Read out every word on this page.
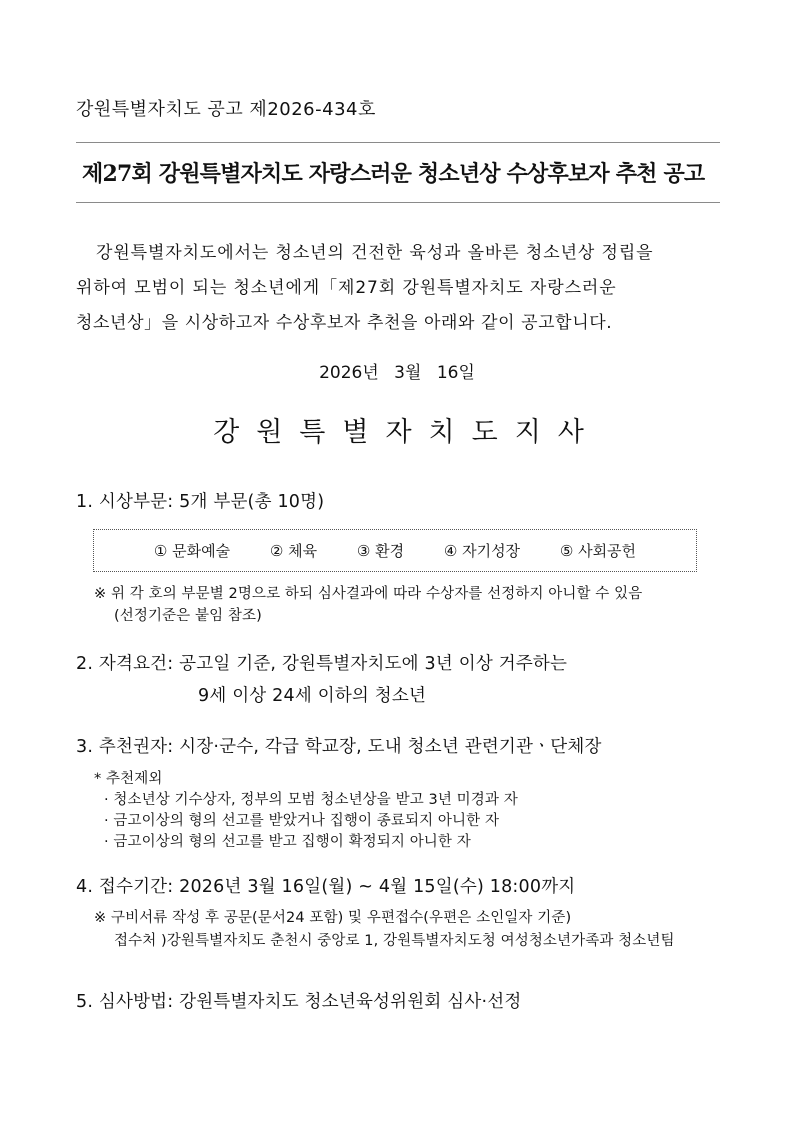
강원특별자치도 공고 제2026-434호
제27회 강원특별자치도 자랑스러운 청소년상 수상후보자 추천 공고
강원특별자치도에서는 청소년의 건전한 육성과 올바른 청소년상 정립을
위하여 모범이 되는 청소년에게「제27회 강원특별자치도 자랑스러운
청소년상」을 시상하고자 수상후보자 추천을 아래와 같이 공고합니다.
2026년 3월 16일
강원특별자치도지사
1. 시상부문: 5개 부문(총 10명)
① 문화예술	② 체육	③ 환경	④ 자기성장	⑤ 사회공헌
※ 위 각 호의 부문별 2명으로 하되 심사결과에 따라 수상자를 선정하지 아니할 수 있음
(선정기준은 붙임 참조)
2. 자격요건: 공고일 기준, 강원특별자치도에 3년 이상 거주하는
9세 이상 24세 이하의 청소년
3. 추천권자: 시장·군수, 각급 학교장, 도내 청소년 관련기관ㆍ단체장
* 추천제외
· 청소년상 기수상자, 정부의 모범 청소년상을 받고 3년 미경과 자
· 금고이상의 형의 선고를 받았거나 집행이 종료되지 아니한 자
· 금고이상의 형의 선고를 받고 집행이 확정되지 아니한 자
4. 접수기간: 2026년 3월 16일(월) ~ 4월 15일(수) 18:00까지
※ 구비서류 작성 후 공문(문서24 포함) 및 우편접수(우편은 소인일자 기준)
접수처 )강원특별자치도 춘천시 중앙로 1, 강원특별자치도청 여성청소년가족과 청소년팀
5. 심사방법: 강원특별자치도 청소년육성위원회 심사·선정
